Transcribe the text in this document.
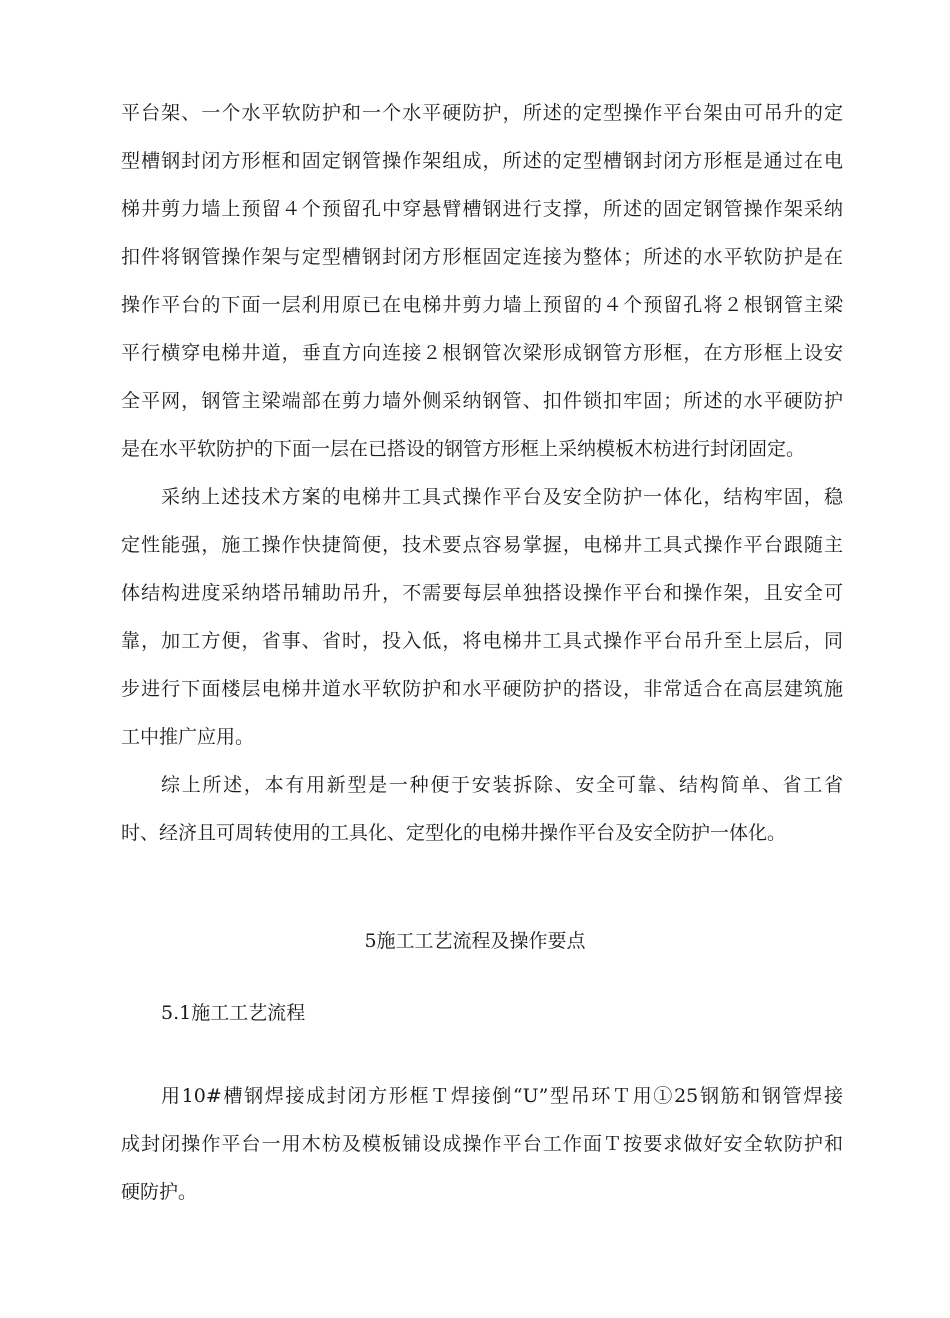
平台架、一个水平软防护和一个水平硬防护，所述的定型操作平台架由可吊升的定
型槽钢封闭方形框和固定钢管操作架组成，所述的定型槽钢封闭方形框是通过在电
梯井剪力墙上预留４个预留孔中穿悬臂槽钢进行支撑，所述的固定钢管操作架采纳
扣件将钢管操作架与定型槽钢封闭方形框固定连接为整体；所述的水平软防护是在
操作平台的下面一层利用原已在电梯井剪力墙上预留的４个预留孔将２根钢管主梁
平行横穿电梯井道，垂直方向连接２根钢管次梁形成钢管方形框，在方形框上设安
全平网，钢管主梁端部在剪力墙外侧采纳钢管、扣件锁扣牢固；所述的水平硬防护
是在水平软防护的下面一层在已搭设的钢管方形框上采纳模板木枋进行封闭固定。
采纳上述技术方案的电梯井工具式操作平台及安全防护一体化，结构牢固，稳
定性能强，施工操作快捷简便，技术要点容易掌握，电梯井工具式操作平台跟随主
体结构进度采纳塔吊辅助吊升，不需要每层单独搭设操作平台和操作架，且安全可
靠，加工方便，省事、省时，投入低，将电梯井工具式操作平台吊升至上层后，同
步进行下面楼层电梯井道水平软防护和水平硬防护的搭设，非常适合在高层建筑施
工中推广应用。
综上所述，本有用新型是一种便于安装拆除、安全可靠、结构简单、省工省
时、经济且可周转使用的工具化、定型化的电梯井操作平台及安全防护一体化。
5施工工艺流程及操作要点
5.1施工工艺流程
用10#槽钢焊接成封闭方形框Ｔ焊接倒“U”型吊环Ｔ用①25钢筋和钢管焊接
成封闭操作平台一用木枋及模板铺设成操作平台工作面Ｔ按要求做好安全软防护和
硬防护。
